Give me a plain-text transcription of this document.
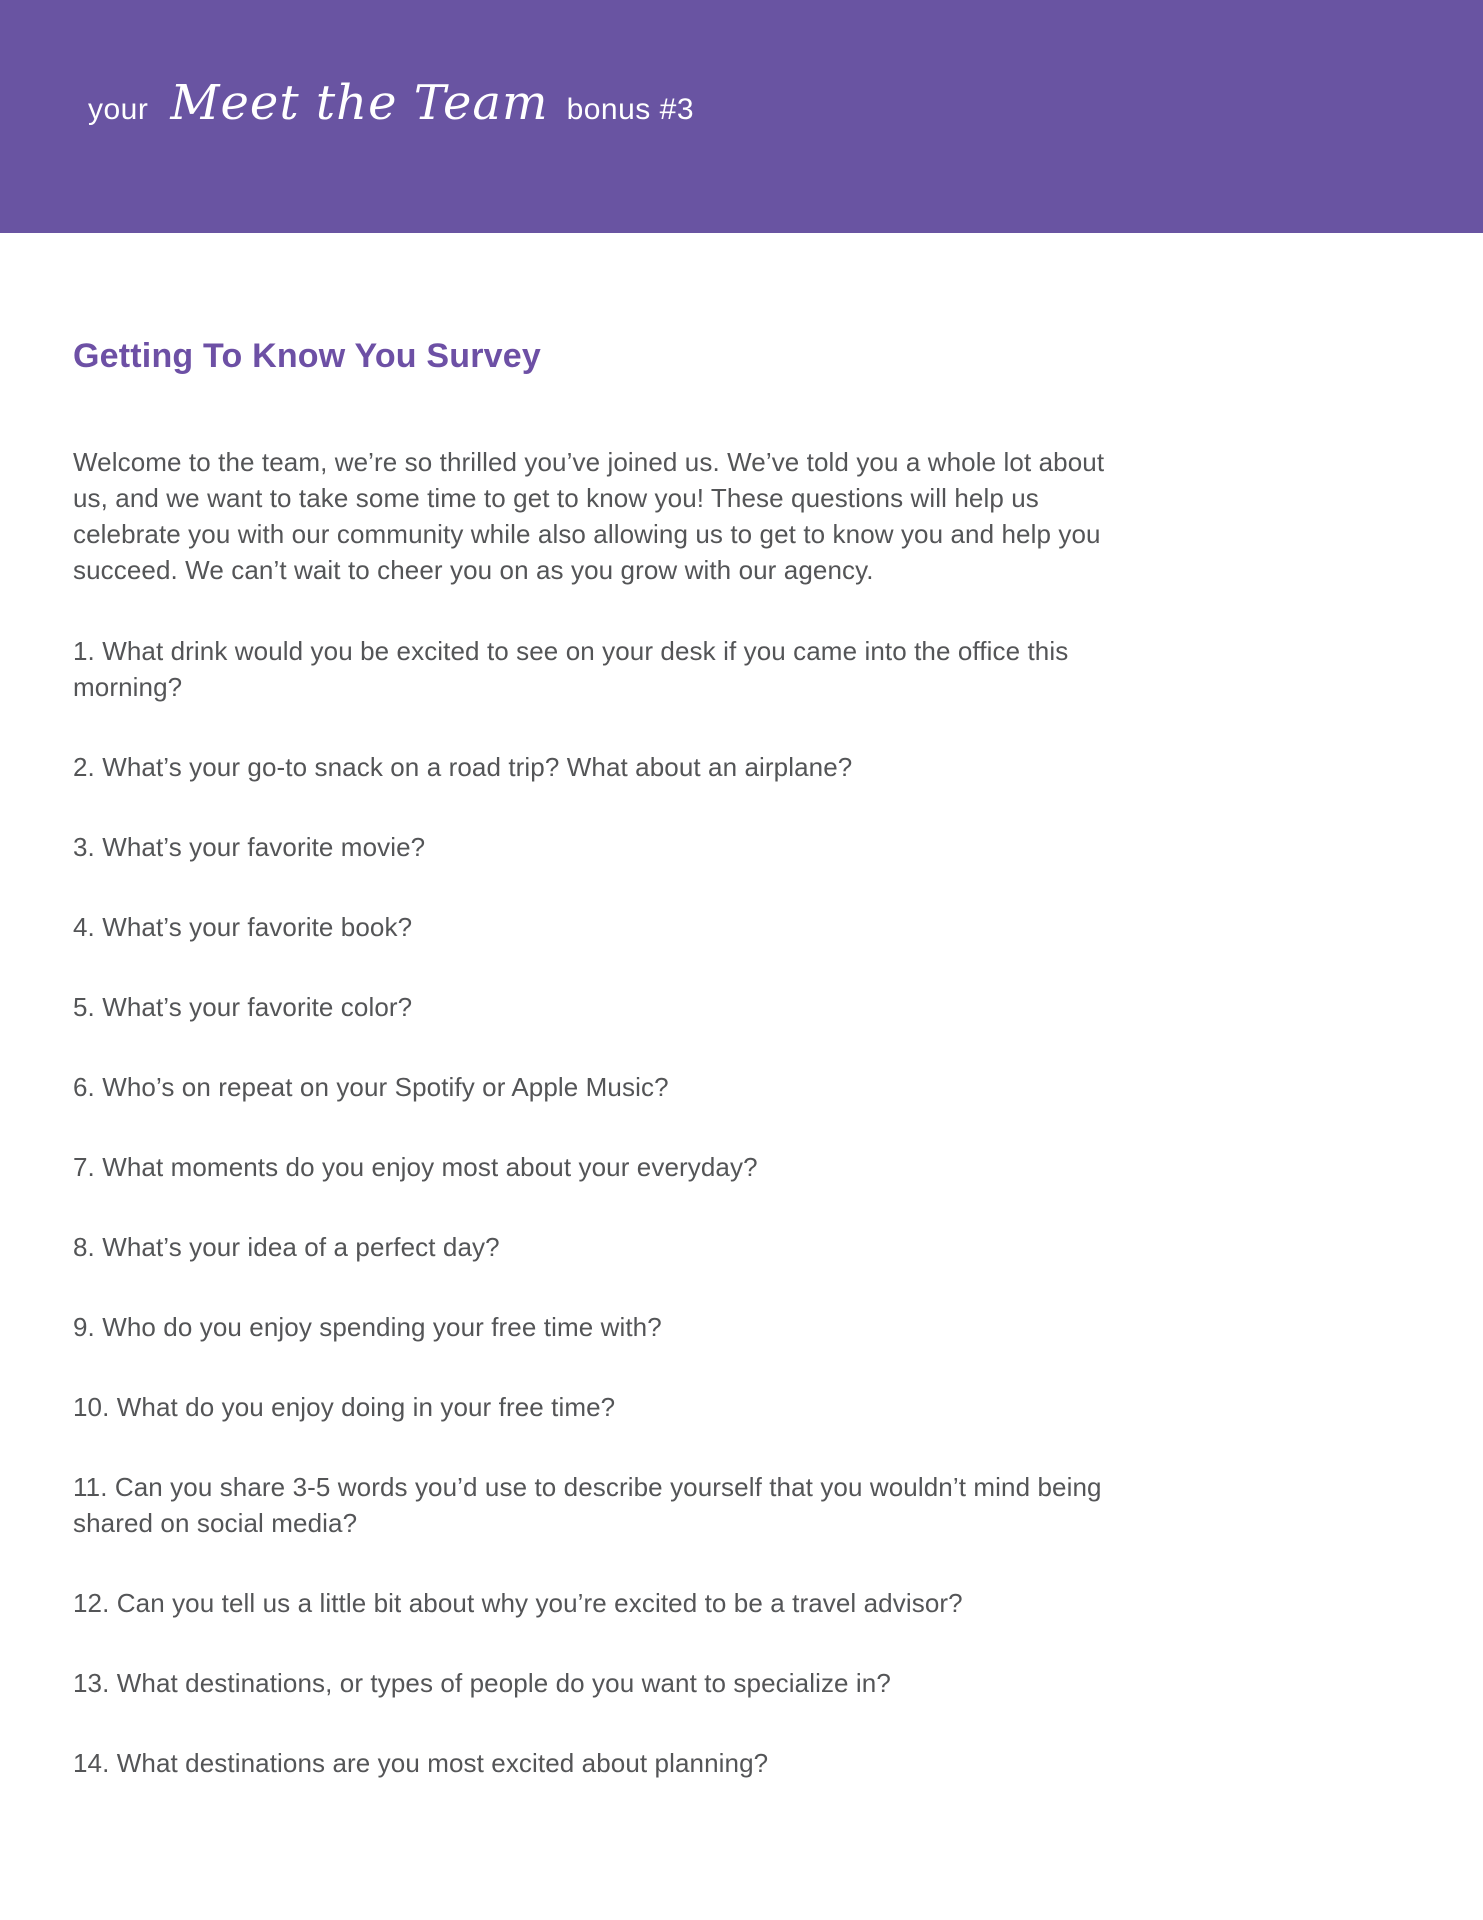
your Meet the Team bonus #3
Getting To Know You Survey

Welcome to the team, we’re so thrilled you’ve joined us. We’ve told you a whole lot about us, and we want to take some time to get to know you! These questions will help us celebrate you with our community while also allowing us to get to know you and help you succeed. We can’t wait to cheer you on as you grow with our agency.

1. What drink would you be excited to see on your desk if you came into the office this morning?

2. What’s your go-to snack on a road trip? What about an airplane?

3. What’s your favorite movie?

4. What’s your favorite book?

5. What’s your favorite color?

6. Who’s on repeat on your Spotify or Apple Music?

7. What moments do you enjoy most about your everyday?

8. What’s your idea of a perfect day?

9. Who do you enjoy spending your free time with?

10. What do you enjoy doing in your free time?

11. Can you share 3-5 words you’d use to describe yourself that you wouldn’t mind being shared on social media?

12. Can you tell us a little bit about why you’re excited to be a travel advisor?

13. What destinations, or types of people do you want to specialize in?

14. What destinations are you most excited about planning?
